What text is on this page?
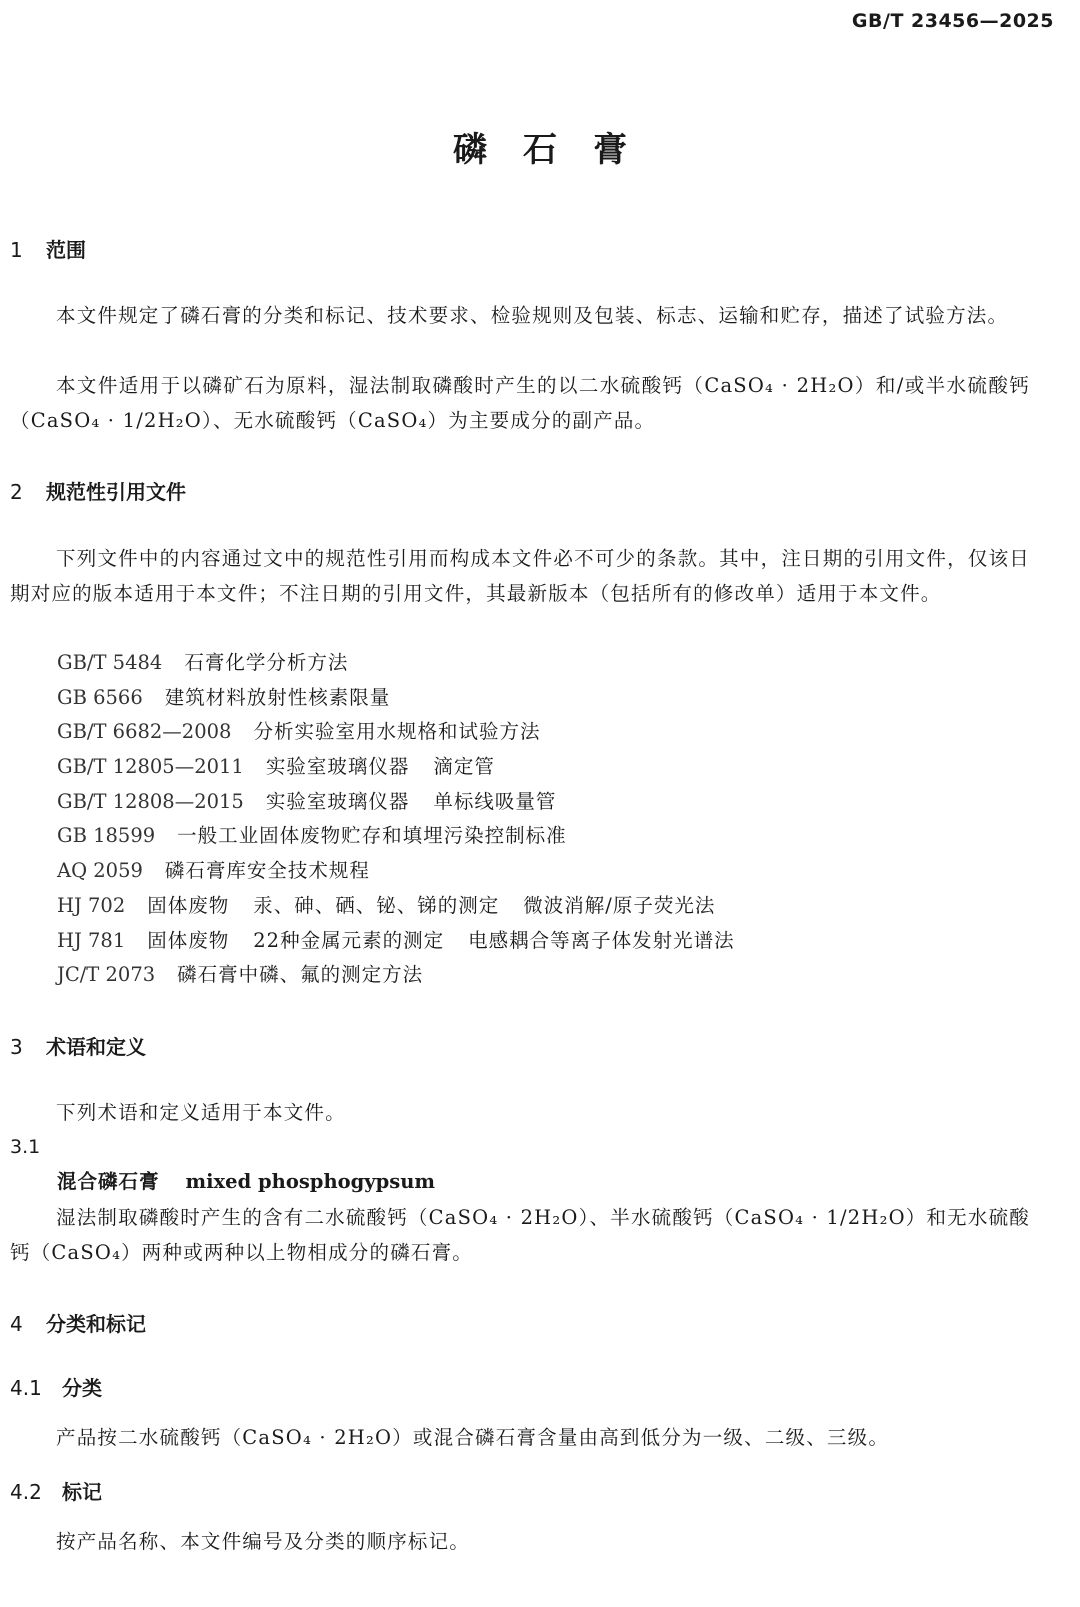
GB/T 23456—2025
磷石膏
1 范围
本文件规定了磷石膏的分类和标记、技术要求、检验规则及包装、标志、运输和贮存，描述了试验方法。
本文件适用于以磷矿石为原料，湿法制取磷酸时产生的以二水硫酸钙（CaSO₄ · 2H₂O）和/或半水硫酸钙（CaSO₄ · 1/2H₂O）、无水硫酸钙（CaSO₄）为主要成分的副产品。
2 规范性引用文件
下列文件中的内容通过文中的规范性引用而构成本文件必不可少的条款。其中，注日期的引用文件，仅该日期对应的版本适用于本文件；不注日期的引用文件，其最新版本（包括所有的修改单）适用于本文件。
GB/T 5484 石膏化学分析方法
GB 6566 建筑材料放射性核素限量
GB/T 6682—2008 分析实验室用水规格和试验方法
GB/T 12805—2011 实验室玻璃仪器 滴定管
GB/T 12808—2015 实验室玻璃仪器 单标线吸量管
GB 18599 一般工业固体废物贮存和填埋污染控制标准
AQ 2059 磷石膏库安全技术规程
HJ 702 固体废物 汞、砷、硒、铋、锑的测定 微波消解/原子荧光法
HJ 781 固体废物 22种金属元素的测定 电感耦合等离子体发射光谱法
JC/T 2073 磷石膏中磷、氟的测定方法
3 术语和定义
下列术语和定义适用于本文件。
3.1
混合磷石膏 mixed phosphogypsum
湿法制取磷酸时产生的含有二水硫酸钙（CaSO₄ · 2H₂O）、半水硫酸钙（CaSO₄ · 1/2H₂O）和无水硫酸钙（CaSO₄）两种或两种以上物相成分的磷石膏。
4 分类和标记
4.1 分类
产品按二水硫酸钙（CaSO₄ · 2H₂O）或混合磷石膏含量由高到低分为一级、二级、三级。
4.2 标记
按产品名称、本文件编号及分类的顺序标记。
